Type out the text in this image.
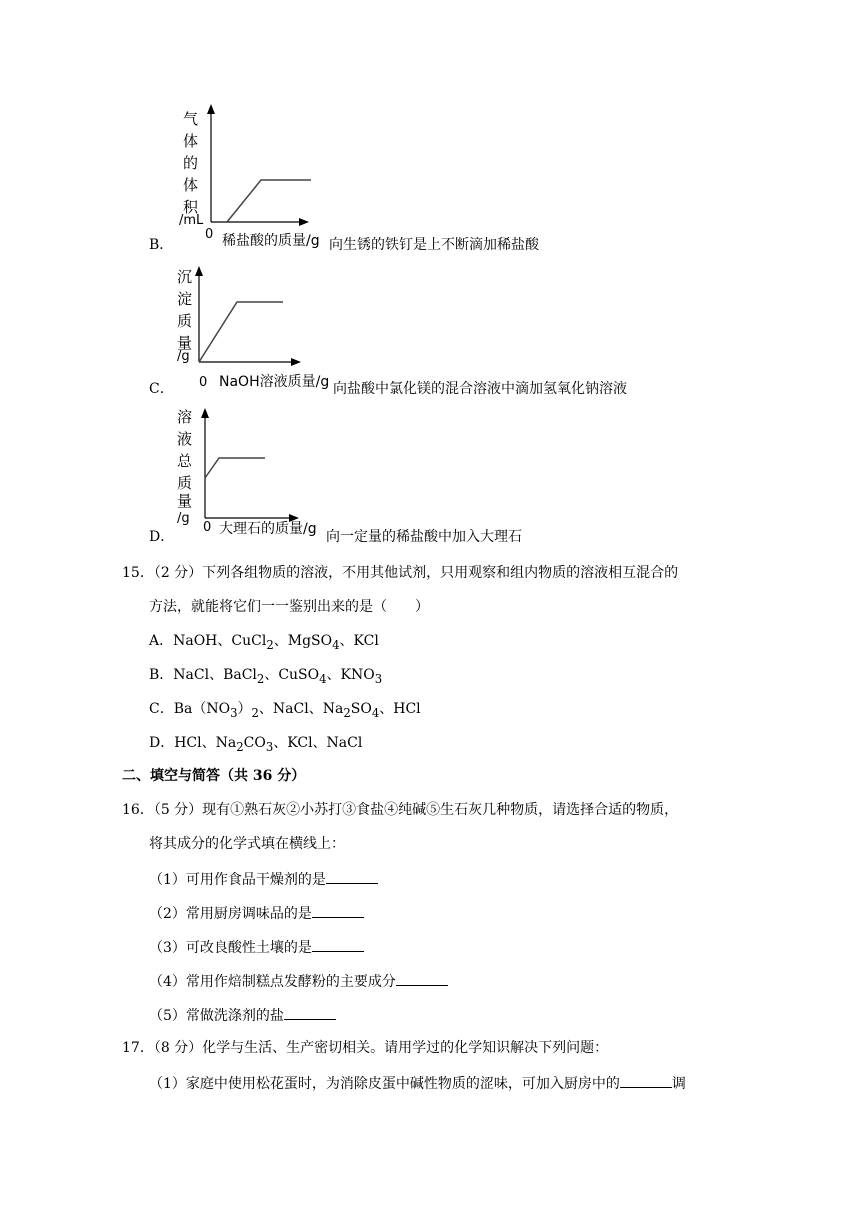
气
体
的
体
积
/mL
0
B．	稀盐酸的质量/g 向生锈的铁钉是上不断滴加稀盐酸
沉
淀
质
量
/g
0
C．	NaOH溶液质量/g 向盐酸中氯化镁的混合溶液中滴加氢氧化钠溶液
溶
液
总
质
量
/g
0
D．	大理石的质量/g 向一定量的稀盐酸中加入大理石
15．（2 分）下列各组物质的溶液，不用其他试剂，只用观察和组内物质的溶液相互混合的
方法，就能将它们一一鉴别出来的是（　　）
A．NaOH、CuCl$_2$、MgSO$_4$、KCl
B．NaCl、BaCl$_2$、CuSO$_4$、$KNO_3$
C．$Ba(NO_3)_2$、NaCl、$Na_2SO_4$、HCl
D．HCl、$Na_2CO_3$、KCl、NaCl
二、填空与简答（共 36 分）
16．（5 分）现有①熟石灰②小苏打③食盐④纯碱⑤生石灰几种物质，请选择合适的物质，
将其成分的化学式填在横线上：
（1）可用作食品干燥剂的是
（2）常用厨房调味品的是
（3）可改良酸性土壤的是
（4）常用作焙制糕点发酵粉的主要成分
（5）常做洗涤剂的盐
17．（8 分）化学与生活、生产密切相关。请用学过的化学知识解决下列问题：
（1）家庭中使用松花蛋时，为消除皮蛋中碱性物质的涩味，可加入厨房中的	调
